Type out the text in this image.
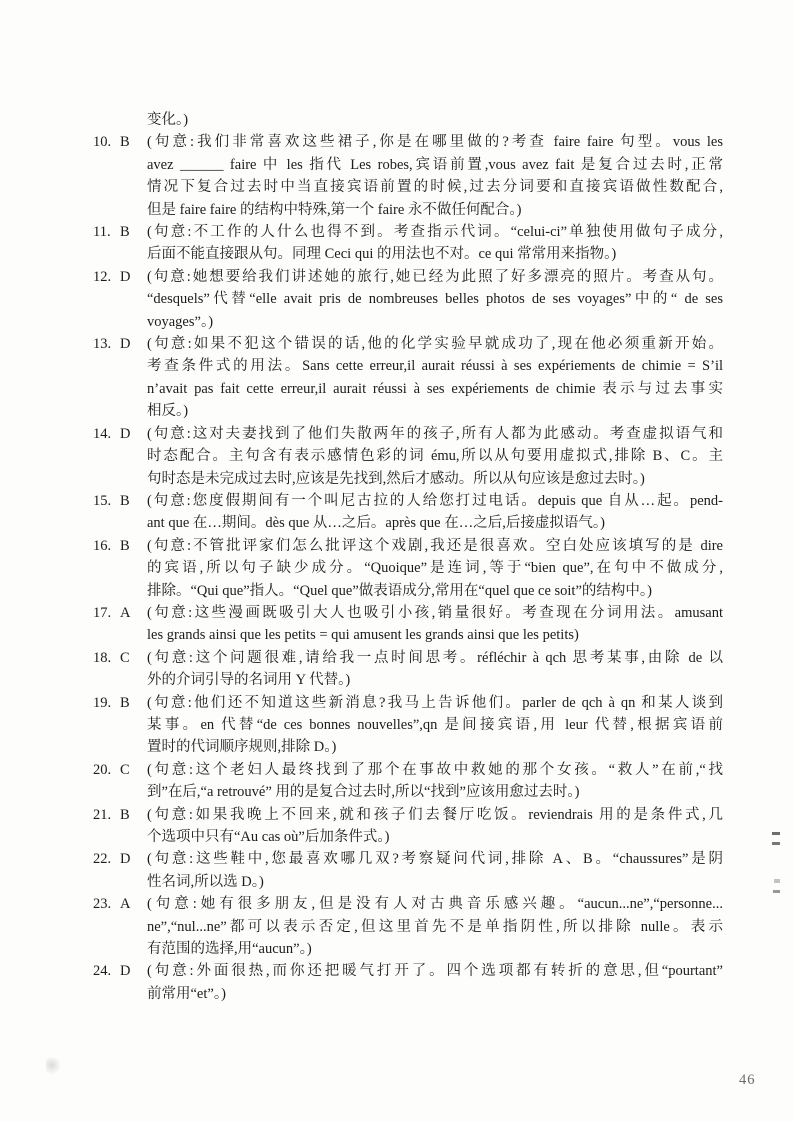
变化。)
10. B (句意:我们非常喜欢这些裙子,你是在哪里做的?考查 faire faire 句型。vous les
avez ______ faire 中 les 指代 Les robes,宾语前置,vous avez fait 是复合过去时,正常
情况下复合过去时中当直接宾语前置的时候,过去分词要和直接宾语做性数配合,
但是 faire faire 的结构中特殊,第一个 faire 永不做任何配合。)
11. B (句意:不工作的人什么也得不到。考查指示代词。“celui-ci”单独使用做句子成分,
后面不能直接跟从句。同理 Ceci qui 的用法也不对。ce qui 常常用来指物。)
12. D (句意:她想要给我们讲述她的旅行,她已经为此照了好多漂亮的照片。考查从句。
“desquels”代替“elle avait pris de nombreuses belles photos de ses voyages”中的“ de ses
voyages”。)
13. D (句意:如果不犯这个错误的话,他的化学实验早就成功了,现在他必须重新开始。
考查条件式的用法。Sans cette erreur,il aurait réussi à ses expériements de chimie = S’il
n’avait pas fait cette erreur,il aurait réussi à ses expériements de chimie 表示与过去事实
相反。)
14. D (句意:这对夫妻找到了他们失散两年的孩子,所有人都为此感动。考查虚拟语气和
时态配合。主句含有表示感情色彩的词 ému,所以从句要用虚拟式,排除 B、C。主
句时态是未完成过去时,应该是先找到,然后才感动。所以从句应该是愈过去时。)
15. B (句意:您度假期间有一个叫尼古拉的人给您打过电话。depuis que 自从…起。pend-
ant que 在…期间。dès que 从…之后。après que 在…之后,后接虚拟语气。)
16. B (句意:不管批评家们怎么批评这个戏剧,我还是很喜欢。空白处应该填写的是 dire
的宾语,所以句子缺少成分。“Quoique”是连词,等于“bien que”,在句中不做成分,
排除。“Qui que”指人。“Quel que”做表语成分,常用在“quel que ce soit”的结构中。)
17. A (句意:这些漫画既吸引大人也吸引小孩,销量很好。考查现在分词用法。amusant
les grands ainsi que les petits = qui amusent les grands ainsi que les petits)
18. C (句意:这个问题很难,请给我一点时间思考。réfléchir à qch 思考某事,由除 de 以
外的介词引导的名词用 Y 代替。)
19. B (句意:他们还不知道这些新消息?我马上告诉他们。parler de qch à qn 和某人谈到
某事。en 代替“de ces bonnes nouvelles”,qn 是间接宾语,用 leur 代替,根据宾语前
置时的代词顺序规则,排除 D。)
20. C (句意:这个老妇人最终找到了那个在事故中救她的那个女孩。“救人”在前,“找
到”在后,“a retrouvé” 用的是复合过去时,所以“找到”应该用愈过去时。)
21. B (句意:如果我晚上不回来,就和孩子们去餐厅吃饭。reviendrais 用的是条件式,几
个选项中只有“Au cas où”后加条件式。)
22. D (句意:这些鞋中,您最喜欢哪几双?考察疑问代词,排除 A、B。“chaussures”是阴
性名词,所以选 D。)
23. A (句意:她有很多朋友,但是没有人对古典音乐感兴趣。“aucun...ne”,“personne...
ne”,“nul...ne”都可以表示否定,但这里首先不是单指阴性,所以排除 nulle。表示
有范围的选择,用“aucun”。)
24. D (句意:外面很热,而你还把暖气打开了。四个选项都有转折的意思,但“pourtant”
前常用“et”。)
46
